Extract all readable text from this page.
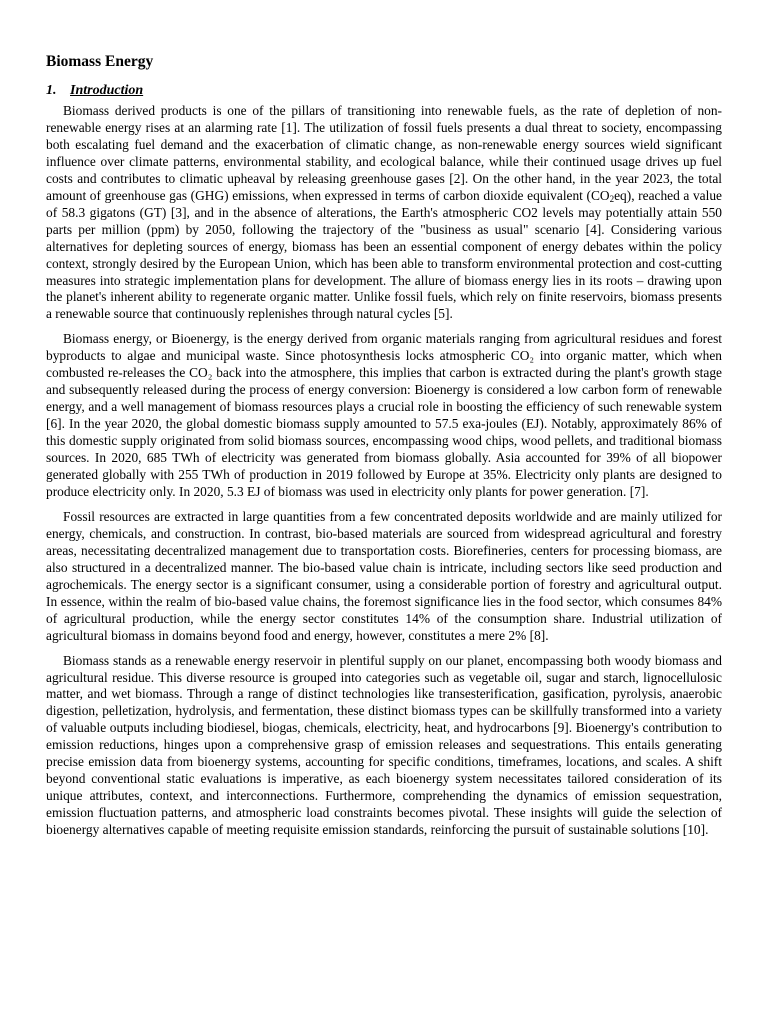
Biomass Energy
1. Introduction

Biomass derived products is one of the pillars of transitioning into renewable fuels, as the rate of depletion of non-renewable energy rises at an alarming rate [1]. The utilization of fossil fuels presents a dual threat to society, encompassing both escalating fuel demand and the exacerbation of climatic change, as non-renewable energy sources wield significant influence over climate patterns, environmental stability, and ecological balance, while their continued usage drives up fuel costs and contributes to climatic upheaval by releasing greenhouse gases [2]. On the other hand, in the year 2023, the total amount of greenhouse gas (GHG) emissions, when expressed in terms of carbon dioxide equivalent $(CO_2eq)$, reached a value of 58.3 gigatons (GT) [3], and in the absence of alterations, the Earth's atmospheric CO2 levels may potentially attain 550 parts per million (ppm) by 2050, following the trajectory of the "business as usual" scenario [4]. Considering various alternatives for depleting sources of energy, biomass has been an essential component of energy debates within the policy context, strongly desired by the European Union, which has been able to transform environmental protection and cost-cutting measures into strategic implementation plans for development. The allure of biomass energy lies in its roots – drawing upon the planet's inherent ability to regenerate organic matter. Unlike fossil fuels, which rely on finite reservoirs, biomass presents a renewable source that continuously replenishes through natural cycles [5].

Biomass energy, or Bioenergy, is the energy derived from organic materials ranging from agricultural residues and forest byproducts to algae and municipal waste. Since photosynthesis locks atmospheric CO₂ into organic matter, which when combusted re-releases the CO₂ back into the atmosphere, this implies that carbon is extracted during the plant's growth stage and subsequently released during the process of energy conversion: Bioenergy is considered a low carbon form of renewable energy, and a well management of biomass resources plays a crucial role in boosting the efficiency of such renewable system [6]. In the year 2020, the global domestic biomass supply amounted to 57.5 exa-joules (EJ). Notably, approximately 86% of this domestic supply originated from solid biomass sources, encompassing wood chips, wood pellets, and traditional biomass sources. In 2020, 685 TWh of electricity was generated from biomass globally. Asia accounted for 39% of all biopower generated globally with 255 TWh of production in 2019 followed by Europe at 35%. Electricity only plants are designed to produce electricity only. In 2020, 5.3 EJ of biomass was used in electricity only plants for power generation. [7].

Fossil resources are extracted in large quantities from a few concentrated deposits worldwide and are mainly utilized for energy, chemicals, and construction. In contrast, bio-based materials are sourced from widespread agricultural and forestry areas, necessitating decentralized management due to transportation costs. Biorefineries, centers for processing biomass, are also structured in a decentralized manner. The bio-based value chain is intricate, including sectors like seed production and agrochemicals. The energy sector is a significant consumer, using a considerable portion of forestry and agricultural output. In essence, within the realm of bio-based value chains, the foremost significance lies in the food sector, which consumes 84% of agricultural production, while the energy sector constitutes 14% of the consumption share. Industrial utilization of agricultural biomass in domains beyond food and energy, however, constitutes a mere 2% [8].

Biomass stands as a renewable energy reservoir in plentiful supply on our planet, encompassing both woody biomass and agricultural residue. This diverse resource is grouped into categories such as vegetable oil, sugar and starch, lignocellulosic matter, and wet biomass. Through a range of distinct technologies like transesterification, gasification, pyrolysis, anaerobic digestion, pelletization, hydrolysis, and fermentation, these distinct biomass types can be skillfully transformed into a variety of valuable outputs including biodiesel, biogas, chemicals, electricity, heat, and hydrocarbons [9]. Bioenergy's contribution to emission reductions, hinges upon a comprehensive grasp of emission releases and sequestrations. This entails generating precise emission data from bioenergy systems, accounting for specific conditions, timeframes, locations, and scales. A shift beyond conventional static evaluations is imperative, as each bioenergy system necessitates tailored consideration of its unique attributes, context, and interconnections. Furthermore, comprehending the dynamics of emission sequestration, emission fluctuation patterns, and atmospheric load constraints becomes pivotal. These insights will guide the selection of bioenergy alternatives capable of meeting requisite emission standards, reinforcing the pursuit of sustainable solutions [10].
